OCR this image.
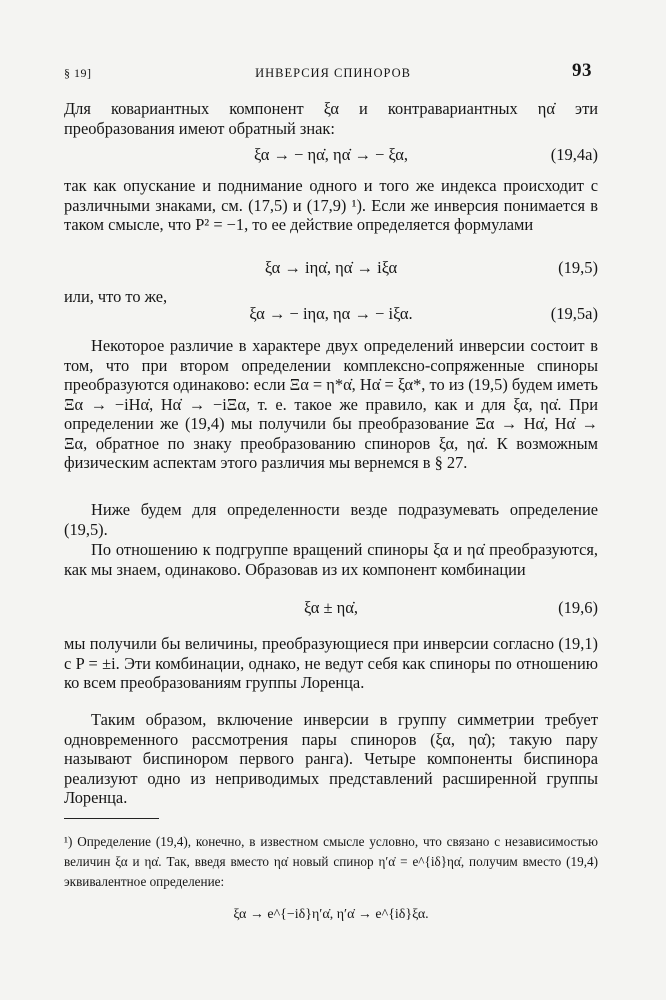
§ 19]	ИНВЕРСИЯ СПИНОРОВ	93

Для ковариантных компонент ξα и контравариантных ηα̇ эти преобразования имеют обратный знак:

ξα → − ηα̇, ηα̇ → − ξα,	(19,4a)

так как опускание и поднимание одного и того же индекса происходит с различными знаками, см. (17,5) и (17,9) ¹). Если же инверсия понимается в таком смысле, что P² = −1, то ее действие определяется формулами

ξα → iηα̇, ηα̇ → iξα	(19,5)

или, что то же,

ξα → − iηα, ηα → − iξα.	(19,5a)

Некоторое различие в характере двух определений инверсии состоит в том, что при втором определении комплексно-сопряженные спиноры преобразуются одинаково: если Ξα = η*α̇, Hα̇ = ξα*, то из (19,5) будем иметь Ξα → −iHα̇, Hα̇ → −iΞα, т. е. такое же правило, как и для ξα, ηα̇. При определении же (19,4) мы получили бы преобразование Ξα → Hα̇, Hα̇ → Ξα, обратное по знаку преобразованию спиноров ξα, ηα̇. К возможным физическим аспектам этого различия мы вернемся в § 27.

Ниже будем для определенности везде подразумевать определение (19,5).

По отношению к подгруппе вращений спиноры ξα и ηα̇ преобразуются, как мы знаем, одинаково. Образовав из их компонент комбинации

ξα ± ηα̇,	(19,6)

мы получили бы величины, преобразующиеся при инверсии согласно (19,1) с P = ±i. Эти комбинации, однако, не ведут себя как спиноры по отношению ко всем преобразованиям группы Лоренца.

Таким образом, включение инверсии в группу симметрии требует одновременного рассмотрения пары спиноров (ξα, ηα̇); такую пару называют биспинором первого ранга). Четыре компоненты биспинора реализуют одно из неприводимых представлений расширенной группы Лоренца.

¹) Определение (19,4), конечно, в известном смысле условно, что связано с независимостью величин ξα и ηα̇. Так, введя вместо ηα̇ новый спинор η′α̇ = e^{iδ}ηα̇, получим вместо (19,4) эквивалентное определение:

ξα → e^{−iδ}η′α̇, η′α̇ → e^{iδ}ξα.
